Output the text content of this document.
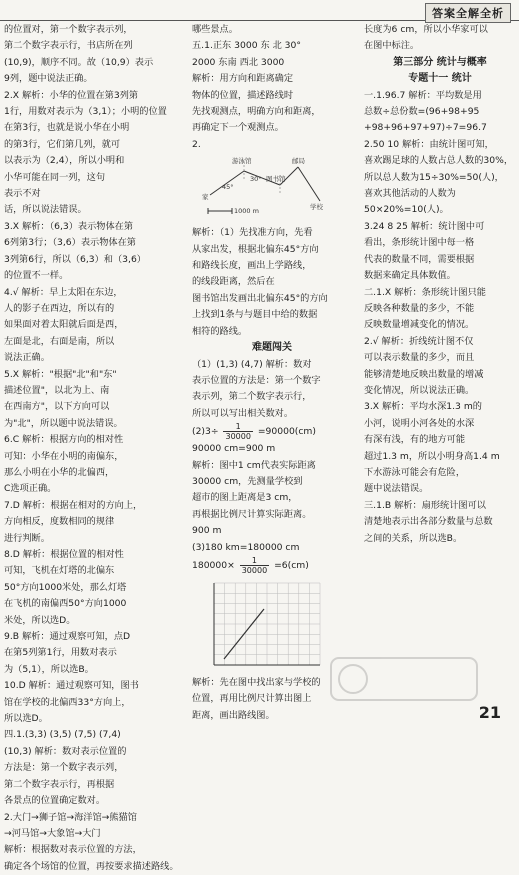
答案全解全析

的位置对，第一个数字表示列，

第二个数字表示行，书店所在列

(10,9)，顺序不同。故（10,9）表示

9列，题中说法正确。

2.X 解析：小华的位置在第3列第

1行，用数对表示为（3,1）；小明的位置

在第3行，也就是说小华在小明

的第3行，它们第几列，就可

以表示为（2,4），所以小明和

小华可能在同一列，这句

表示不对

话，所以说法错误。

3.X 解析：（6,3）表示物体在第

6列第3行；（3,6）表示物体在第

3列第6行，所以（6,3）和（3,6）

的位置不一样。

4.√ 解析：早上太阳在东边，

人的影子在西边，所以有的

如果面对着太阳就后面是西，

左面是北，右面是南，所以

说法正确。

5.X 解析："根据"北"和"东"

描述位置"，以北为上、南

在西南方"，以下方向可以

为"北"，所以题中说法错误。

6.C 解析：根据方向的相对性

可知：小华在小明的南偏东，

那么小明在小华的北偏西，

C选项正确。

7.D 解析：根据在相对的方向上，

方向相反，度数相同的规律

进行判断。

8.D 解析：根据位置的相对性

可知，飞机在灯塔的北偏东

50°方向1000米处，那么灯塔

在飞机的南偏西50°方向1000

米处，所以选D。

9.B 解析：通过观察可知，点D

在第5列第1行，用数对表示

为（5,1），所以选B。

10.D 解析：通过观察可知，图书

馆在学校的北偏西33°方向上，

所以选D。

四.1.(3,3) (3,5) (7,5) (7,4)

(10,3) 解析：数对表示位置的

方法是：第一个数字表示列，

第二个数字表示行，再根据

各景点的位置确定数对。

2.大门→狮子馆→海洋馆→熊猫馆

→河马馆→大象馆→大门

解析：根据数对表示位置的方法，

确定各个场馆的位置，再按要求描述路线。

哪些景点。

五.1.正东 3000 东 北 30°

2000 东南 西北 3000

解析：用方向和距离确定

物体的位置，描述路线时

先找观测点，明确方向和距离，

再确定下一个观测点。

2.

游泳馆
图书馆
邮局
家
学校
45°
30°
1000 m

解析：（1）先找准方向，先看

从家出发，根据北偏东45°方向

和路线长度，画出上学路线，

的线段距离，然后在

图书馆出发画出北偏东45°的方向

上找到1条与与题目中给的数据

相符的路线。

难题闯关

（1）(1,3) (4,7) 解析：数对

表示位置的方法是：第一个数字

表示列，第二个数字表示行，

所以可以写出相关数对。

$(2)3\div \frac{1}{30000} =90000(cm)$

90000 cm=900 m

解析：图中1 cm代表实际距离

30000 cm，先测量学校到

超市的图上距离是3 cm，

再根据比例尺计算实际距离。

900 m

(3)180 km=180000 cm

$180000\times \frac{1}{30000} =6(cm)$

解析：先在图中找出家与学校的

位置，再用比例尺计算出图上

距离，画出路线图。

长度为6 cm，所以小华家可以

在图中标注。

第三部分 统计与概率

专题十一 统计

一.1.96.7 解析：平均数是用

总数÷总份数=(96+98+95

+98+96+97+97)÷7=96.7

2.50 10 解析：由统计图可知，

喜欢踢足球的人数占总人数的30%，

所以总人数为15÷30%=50(人)，

喜欢其他活动的人数为

50×20%=10(人)。

3.24 8 25 解析：统计图中可

看出，条形统计图中每一格

代表的数量不同，需要根据

数据来确定具体数值。

二.1.X 解析：条形统计图只能

反映各种数量的多少，不能

反映数量增减变化的情况。

2.√ 解析：折线统计图不仅

可以表示数量的多少，而且

能够清楚地反映出数量的增减

变化情况，所以说法正确。

3.X 解析：平均水深1.3 m的

小河，说明小河各处的水深

有深有浅，有的地方可能

超过1.3 m，所以小明身高1.4 m

下水游泳可能会有危险，

题中说法错误。

三.1.B 解析：扇形统计图可以

清楚地表示出各部分数量与总数

之间的关系，所以选B。

21
